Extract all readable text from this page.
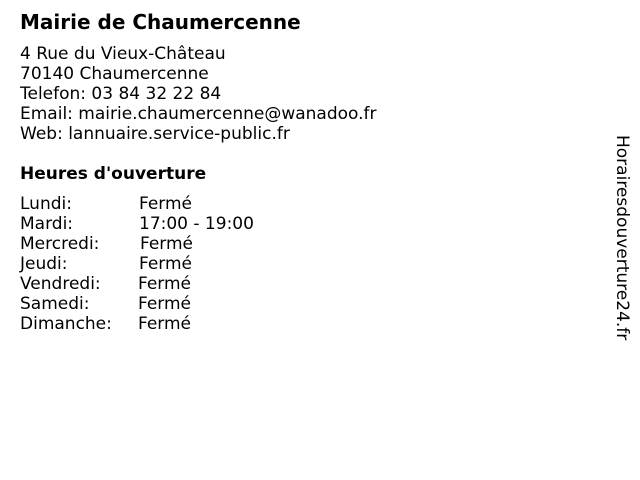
Mairie de Chaumercenne
4 Rue du Vieux-Château
70140 Chaumercenne
Telefon: 03 84 32 22 84
Email: mairie.chaumercenne@wanadoo.fr
Web: lannuaire.service-public.fr
Heures d'ouverture
Lundi:	Fermé
Mardi:	17:00 - 19:00
Mercredi: Fermé
Jeudi:	Fermé
Vendredi: Fermé
Samedi:	Fermé
Dimanche: Fermé	Horairesdouverture24.fr
